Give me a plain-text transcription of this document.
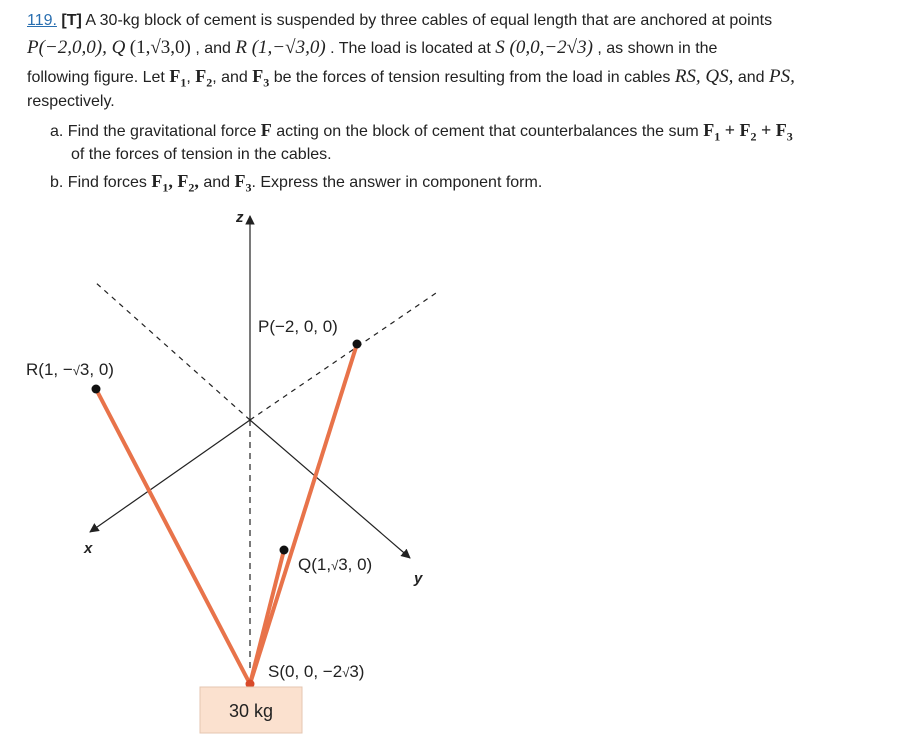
119. [T] A 30-kg block of cement is suspended by three cables of equal length that are anchored at points
P(−2,0,0), Q (1,√3,0) , and R (1,−√3,0) . The load is located at S (0,0,−2√3) , as shown in the
following figure. Let $F_1$, $F_2$, and $F_3$ be the forces of tension resulting from the load in cables RS, QS, and PS,
respectively.
a. Find the gravitational force F acting on the block of cement that counterbalances the sum $F_1 + F_2 + F_3$
of the forces of tension in the cables.
b. Find forces $F_1$, $F_2$, and $F_3$. Express the answer in component form.
30 kg
z
x
y
P(−2, 0, 0)
R(1, −√3, 0)
Q(1,√3, 0)
S(0, 0, −2√3)
